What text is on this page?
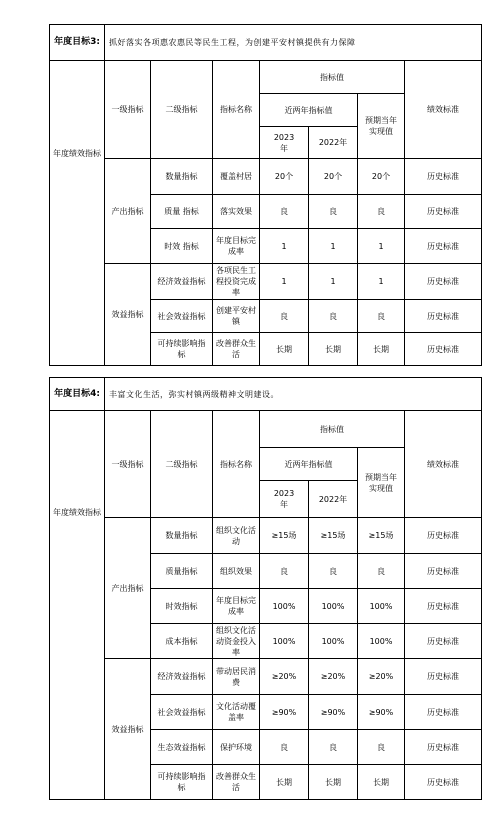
年度目标3:	抓好落实各项惠农惠民等民生工程，为创建平安村镇提供有力保障						
年度绩效指标	一级指标	二级指标	指标名称	指标值			绩效标准
				近两年指标值		预期当年实现值	
				2023年	2022年		
	产出指标	数量指标	覆盖村居	20个	20个	20个	历史标准
		质量 指标	落实效果	良	良	良	历史标准
		时效 指标	年度目标完成率	1	1	1	历史标准
	效益指标	经济效益指标	各项民生工程投资完成率	1	1	1	历史标准
		社会效益指标	创建平安村镇	良	良	良	历史标准
		可持续影响指标	改善群众生活	长期	长期	长期	历史标准
年度目标4:	丰富文化生活，弥实村镇两级精神文明建设。						
年度绩效指标	一级指标	二级指标	指标名称	指标值			绩效标准
				近两年指标值		预期当年实现值	
				2023年	2022年		
	产出指标	数量指标	组织文化活动	≥15场	≥15场	≥15场	历史标准
		质量指标	组织效果	良	良	良	历史标准
		时效指标	年度目标完成率	100%	100%	100%	历史标准
		成本指标	组织文化活动资金投入率	100%	100%	100%	历史标准
	效益指标	经济效益指标	带动居民消费	≥20%	≥20%	≥20%	历史标准
		社会效益指标	文化活动覆盖率	≥90%	≥90%	≥90%	历史标准
		生态效益指标	保护环境	良	良	良	历史标准
		可持续影响指标	改善群众生活	长期	长期	长期	历史标准
